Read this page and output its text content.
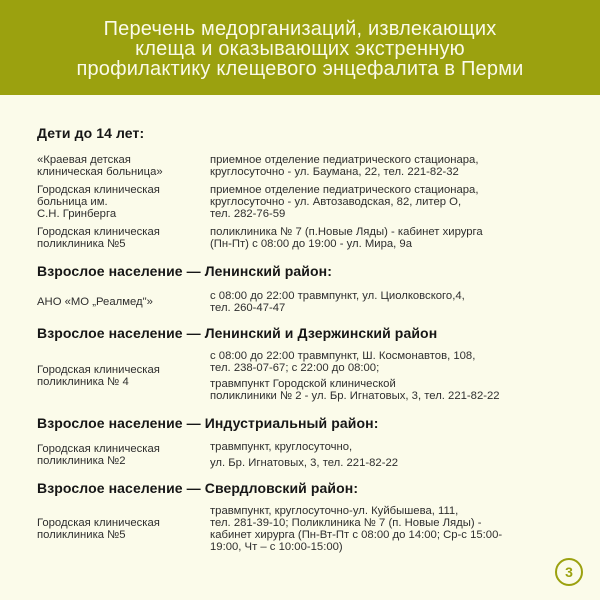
Перечень медорганизаций, извлекающих
клеща и оказывающих экстренную
профилактику клещевого энцефалита в Перми
Дети до 14 лет:
«Краевая детская
клиническая больница»

приемное отделение педиатрического стационара,
круглосуточно - ул. Баумана, 22, тел. 221-82-32

Городская клиническая
больница им.
С.Н. Гринберга

приемное отделение педиатрического стационара,
круглосуточно - ул. Автозаводская, 82, литер О,
тел. 282-76-59

Городская клиническая
поликлиника №5

поликлиника № 7 (п.Новые Ляды) - кабинет хирурга
(Пн-Пт) с 08:00 до 19:00 - ул. Мира, 9а

Взрослое население — Ленинский район:
АНО «МО „Реалмед"»	с 08:00 до 22:00 травмпункт, ул. Циолковского,4,
тел. 260-47-47

Взрослое население — Ленинский и Дзержинский район
Городская клиническая
поликлиника № 4

с 08:00 до 22:00 травмпункт, Ш. Космонавтов, 108,
тел. 238-07-67; с 22:00 до 08:00;

травмпункт Городской клинической
поликлиники № 2 - ул. Бр. Игнатовых, 3, тел. 221-82-22

Взрослое население — Индустриальный район:
Городская клиническая
поликлиника №2

травмпункт, круглосуточно,

ул. Бр. Игнатовых, 3, тел. 221-82-22

Взрослое население — Свердловский район:
Городская клиническая
поликлиника №5

травмпункт, круглосуточно-ул. Куйбышева, 111,
тел. 281-39-10; Поликлиника № 7 (п. Новые Ляды) -
кабинет хирурга (Пн-Вт-Пт с 08:00 до 14:00; Ср-с 15:00-
19:00, Чт – с 10:00-15:00)

3
